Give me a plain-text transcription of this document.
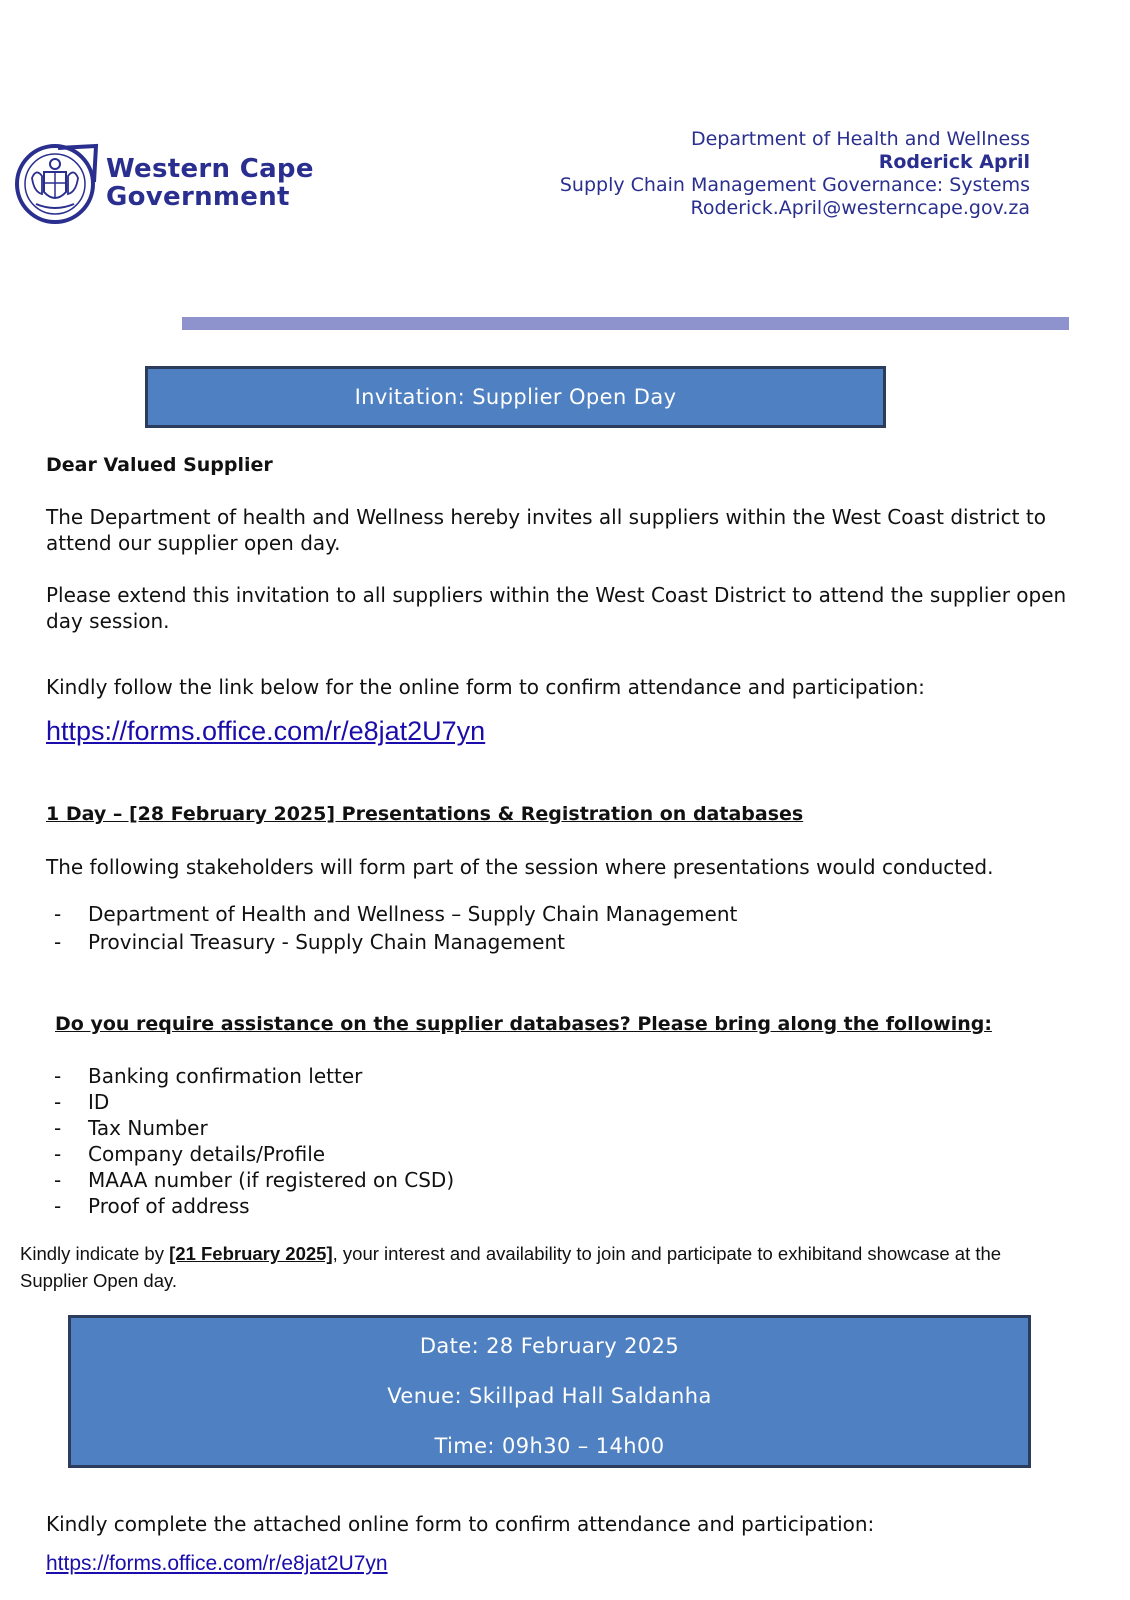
Western Cape
Government
Department of Health and Wellness
Roderick April
Supply Chain Management Governance: Systems
Roderick.April@westerncape.gov.za
Invitation: Supplier Open Day
Dear Valued Supplier
The Department of health and Wellness hereby invites all suppliers within the West Coast district to attend our supplier open day.
Please extend this invitation to all suppliers within the West Coast District to attend the supplier open day session.
Kindly follow the link below for the online form to confirm attendance and participation:
https://forms.office.com/r/e8jat2U7yn
1 Day – [28 February 2025] Presentations & Registration on databases
The following stakeholders will form part of the session where presentations would conducted.
- Department of Health and Wellness – Supply Chain Management
- Provincial Treasury - Supply Chain Management
Do you require assistance on the supplier databases? Please bring along the following:
- Banking confirmation letter
- ID
- Tax Number
- Company details/Profile
- MAAA number (if registered on CSD)
- Proof of address
Kindly indicate by [21 February 2025], your interest and availability to join and participate to exhibitand showcase at the Supplier Open day.
Date: 28 February 2025
Venue: Skillpad Hall Saldanha
Time: 09h30 – 14h00
Kindly complete the attached online form to confirm attendance and participation:
https://forms.office.com/r/e8jat2U7yn
